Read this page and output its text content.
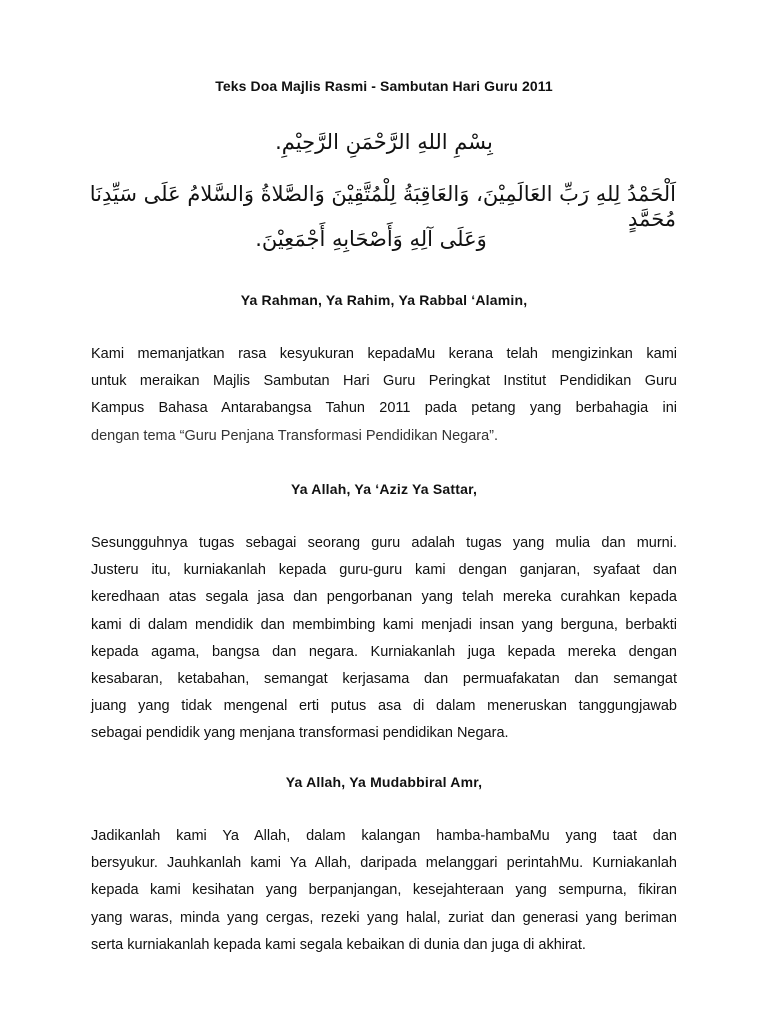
Teks Doa Majlis Rasmi - Sambutan Hari Guru 2011
بِسْمِ اللهِ الرَّحْمَنِ الرَّحِيْمِ.
اَلْحَمْدُ لِلهِ رَبِّ العَالَمِيْنَ، وَالعَاقِبَةُ لِلْمُتَّقِيْنَ وَالصَّلاةُ وَالسَّلامُ عَلَى سَيِّدِنَا مُحَمَّدٍ
وَعَلَى آلِهِ وَأَصْحَابِهِ أَجْمَعِيْنَ.
Ya Rahman, Ya Rahim, Ya Rabbal ‘Alamin,
Kami memanjatkan rasa kesyukuran kepadaMu kerana telah mengizinkan kami
untuk meraikan Majlis Sambutan Hari Guru Peringkat Institut Pendidikan Guru
Kampus Bahasa Antarabangsa Tahun 2011 pada petang yang berbahagia ini
dengan tema “Guru Penjana Transformasi Pendidikan Negara”.
Ya Allah, Ya ‘Aziz Ya Sattar,
Sesungguhnya tugas sebagai seorang guru adalah tugas yang mulia dan murni.
Justeru itu, kurniakanlah kepada guru-guru kami dengan ganjaran, syafaat dan
keredhaan atas segala jasa dan pengorbanan yang telah mereka curahkan kepada
kami di dalam mendidik dan membimbing kami menjadi insan yang berguna, berbakti
kepada agama, bangsa dan negara. Kurniakanlah juga kepada mereka dengan
kesabaran, ketabahan, semangat kerjasama dan permuafakatan dan semangat
juang yang tidak mengenal erti putus asa di dalam meneruskan tanggungjawab
sebagai pendidik yang menjana transformasi pendidikan Negara.
Ya Allah, Ya Mudabbiral Amr,
Jadikanlah kami Ya Allah, dalam kalangan hamba-hambaMu yang taat dan
bersyukur. Jauhkanlah kami Ya Allah, daripada melanggari perintahMu. Kurniakanlah
kepada kami kesihatan yang berpanjangan, kesejahteraan yang sempurna, fikiran
yang waras, minda yang cergas, rezeki yang halal, zuriat dan generasi yang beriman
serta kurniakanlah kepada kami segala kebaikan di dunia dan juga di akhirat.
